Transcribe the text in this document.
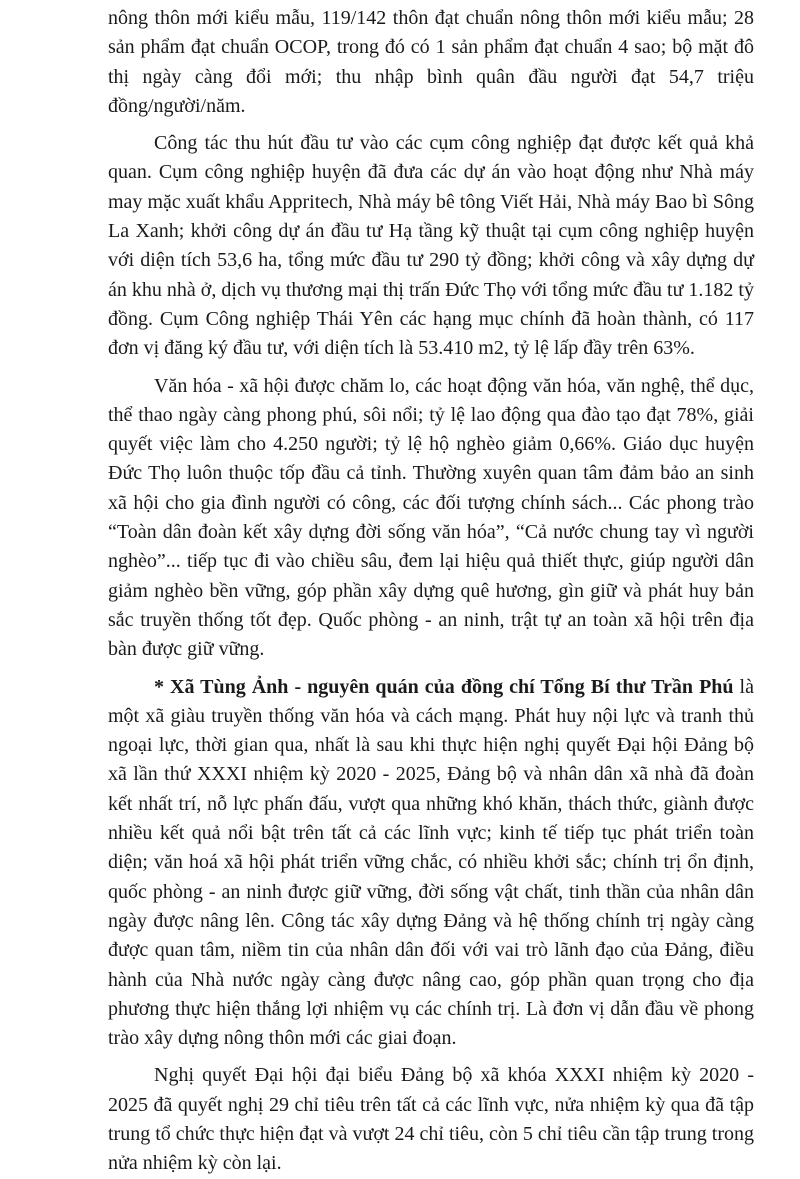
nông thôn mới kiểu mẫu, 119/142 thôn đạt chuẩn nông thôn mới kiểu mẫu; 28 sản phẩm đạt chuẩn OCOP, trong đó có 1 sản phẩm đạt chuẩn 4 sao; bộ mặt đô thị ngày càng đổi mới; thu nhập bình quân đầu người đạt 54,7 triệu đồng/người/năm.

Công tác thu hút đầu tư vào các cụm công nghiệp đạt được kết quả khả quan. Cụm công nghiệp huyện đã đưa các dự án vào hoạt động như Nhà máy may mặc xuất khẩu Appritech, Nhà máy bê tông Viết Hải, Nhà máy Bao bì Sông La Xanh; khởi công dự án đầu tư Hạ tầng kỹ thuật tại cụm công nghiệp huyện với diện tích 53,6 ha, tổng mức đầu tư 290 tỷ đồng; khởi công và xây dựng dự án khu nhà ở, dịch vụ thương mại thị trấn Đức Thọ với tổng mức đầu tư 1.182 tỷ đồng. Cụm Công nghiệp Thái Yên các hạng mục chính đã hoàn thành, có 117 đơn vị đăng ký đầu tư, với diện tích là 53.410 m2, tỷ lệ lấp đầy trên 63%.

Văn hóa - xã hội được chăm lo, các hoạt động văn hóa, văn nghệ, thể dục, thể thao ngày càng phong phú, sôi nổi; tỷ lệ lao động qua đào tạo đạt 78%, giải quyết việc làm cho 4.250 người; tỷ lệ hộ nghèo giảm 0,66%. Giáo dục huyện Đức Thọ luôn thuộc tốp đầu cả tỉnh. Thường xuyên quan tâm đảm bảo an sinh xã hội cho gia đình người có công, các đối tượng chính sách... Các phong trào “Toàn dân đoàn kết xây dựng đời sống văn hóa”, “Cả nước chung tay vì người nghèo”... tiếp tục đi vào chiều sâu, đem lại hiệu quả thiết thực, giúp người dân giảm nghèo bền vững, góp phần xây dựng quê hương, gìn giữ và phát huy bản sắc truyền thống tốt đẹp. Quốc phòng - an ninh, trật tự an toàn xã hội trên địa bàn được giữ vững.

* Xã Tùng Ảnh - nguyên quán của đồng chí Tổng Bí thư Trần Phú là một xã giàu truyền thống văn hóa và cách mạng. Phát huy nội lực và tranh thủ ngoại lực, thời gian qua, nhất là sau khi thực hiện nghị quyết Đại hội Đảng bộ xã lần thứ XXXI nhiệm kỳ 2020 - 2025, Đảng bộ và nhân dân xã nhà đã đoàn kết nhất trí, nỗ lực phấn đấu, vượt qua những khó khăn, thách thức, giành được nhiều kết quả nổi bật trên tất cả các lĩnh vực; kinh tế tiếp tục phát triển toàn diện; văn hoá xã hội phát triển vững chắc, có nhiều khởi sắc; chính trị ổn định, quốc phòng - an ninh được giữ vững, đời sống vật chất, tinh thần của nhân dân ngày được nâng lên. Công tác xây dựng Đảng và hệ thống chính trị ngày càng được quan tâm, niềm tin của nhân dân đối với vai trò lãnh đạo của Đảng, điều hành của Nhà nước ngày càng được nâng cao, góp phần quan trọng cho địa phương thực hiện thắng lợi nhiệm vụ các chính trị. Là đơn vị dẫn đầu về phong trào xây dựng nông thôn mới các giai đoạn.

Nghị quyết Đại hội đại biểu Đảng bộ xã khóa XXXI nhiệm kỳ 2020 - 2025 đã quyết nghị 29 chỉ tiêu trên tất cả các lĩnh vực, nửa nhiệm kỳ qua đã tập trung tổ chức thực hiện đạt và vượt 24 chỉ tiêu, còn 5 chỉ tiêu cần tập trung trong nửa nhiệm kỳ còn lại.
